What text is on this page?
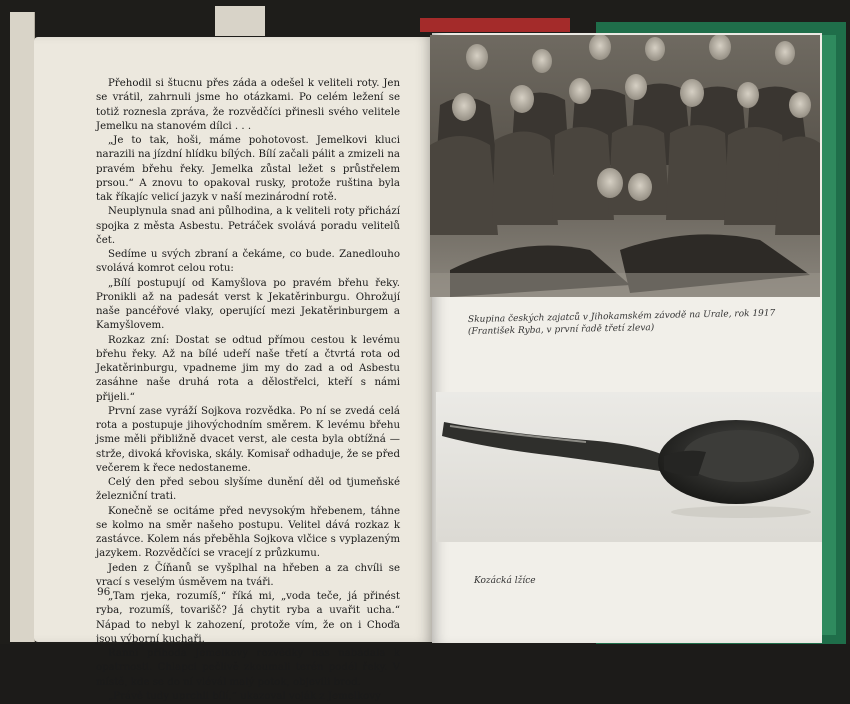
Přehodil si štucnu přes záda a odešel k veliteli roty. Jen se vrátil, zahrnuli jsme ho otázkami. Po celém ležení se totiž roznesla zpráva, že rozvědčíci přinesli svého velitele Jemelku na stanovém dílci . . .

„Je to tak, hoši, máme pohotovost. Jemelkovi kluci narazili na jízdní hlídku bílých. Bílí začali pálit a zmizeli na pravém břehu řeky. Jemelka zůstal ležet s průstřelem prsou.“ A znovu to opakoval rusky, protože ruština byla tak říkajíc velicí jazyk v naší mezinárodní rotě.

Neuplynula snad ani půlhodina, a k veliteli roty přichází spojka z města Asbestu. Petráček svolává poradu velitelů čet.

Sedíme u svých zbraní a čekáme, co bude. Zanedlouho svolává komrot celou rotu:

„Bílí postupují od Kamyšlova po pravém břehu řeky. Pronikli až na padesát verst k Jekatěrinburgu. Ohrožují naše pancéřové vlaky, operující mezi Jekatěrinburgem a Kamyšlovem.

Rozkaz zní: Dostat se odtud přímou cestou k levému břehu řeky. Až na bílé udeří naše třetí a čtvrtá rota od Jekatěrinburgu, vpadneme jim my do zad a od Asbestu zasáhne naše druhá rota a dělostřelci, kteří s námi přijeli.“

První zase vyráží Sojkova rozvědka. Po ní se zvedá celá rota a postupuje jihovýchodním směrem. K levému břehu jsme měli přibližně dvacet verst, ale cesta byla obtížná — strže, divoká křoviska, skály. Komisař odhaduje, že se před večerem k řece nedostaneme.

Celý den před sebou slyšíme dunění děl od tjumeňské železniční trati.

Konečně se ocitáme před nevysokým hřebenem, táhne se kolmo na směr našeho postupu. Velitel dává rozkaz k zastávce. Kolem nás přeběhla Sojkova vlčice s vyplazeným jazykem. Rozvědčíci se vracejí z průzkumu.

Jeden z Číňanů se vyšplhal na hřeben a za chvíli se vrací s veselým úsměvem na tváři.

„Tam rjeka, rozumíš,“ říká mi, „voda teče, já přinést ryba, rozumíš, tovarišč? Já chytit ryba a uvařit ucha.“ Nápad to nebyl k zahození, protože vím, že on i Choďa jsou výborní kuchaři.

Ranní příhoda Jemelkovy rozvědky nás nabádala k opatrnosti. Chlapci pečlivě zkoumali terén podél řeky. V místě, kde se do ní vlévál malý potok, objevili brod.

„Právě tudy uprchli bílí,“ ukazoval voják z Jemelkovy

96
Skupina českých zajatců v Jihokamském závodě na Urale, rok 1917
(František Ryba, v první řadě třetí zleva)
Kozácká lžíce
